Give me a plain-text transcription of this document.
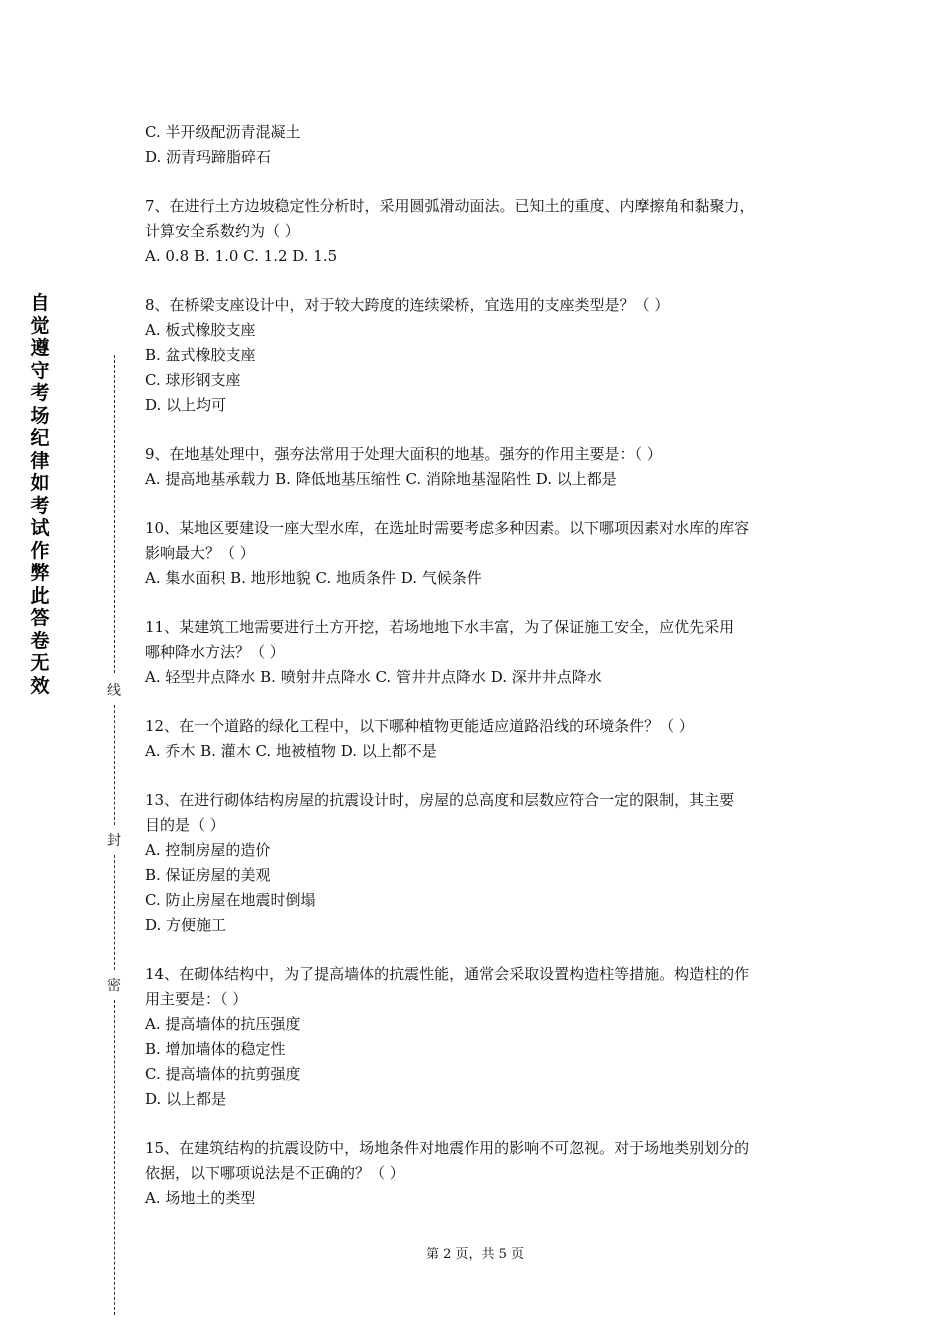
自觉遵守考场纪律如考试作弊此答卷无效	线
封
密
C. 半开级配沥青混凝土
D. 沥青玛蹄脂碎石
7、在进行土方边坡稳定性分析时，采用圆弧滑动面法。已知土的重度、内摩擦角和黏聚力，
计算安全系数约为（ ）
A. 0.8 B. 1.0 C. 1.2 D. 1.5
8、在桥梁支座设计中，对于较大跨度的连续梁桥，宜选用的支座类型是？（ ）
A. 板式橡胶支座
B. 盆式橡胶支座
C. 球形钢支座
D. 以上均可
9、在地基处理中，强夯法常用于处理大面积的地基。强夯的作用主要是：（ ）
A. 提高地基承载力 B. 降低地基压缩性 C. 消除地基湿陷性 D. 以上都是
10、某地区要建设一座大型水库，在选址时需要考虑多种因素。以下哪项因素对水库的库容
影响最大？（ ）
A. 集水面积 B. 地形地貌 C. 地质条件 D. 气候条件
11、某建筑工地需要进行土方开挖，若场地地下水丰富，为了保证施工安全，应优先采用
哪种降水方法？（ ）
A. 轻型井点降水 B. 喷射井点降水 C. 管井井点降水 D. 深井井点降水
12、在一个道路的绿化工程中，以下哪种植物更能适应道路沿线的环境条件？（ ）
A. 乔木 B. 灌木 C. 地被植物 D. 以上都不是
13、在进行砌体结构房屋的抗震设计时，房屋的总高度和层数应符合一定的限制，其主要
目的是（ ）
A. 控制房屋的造价
B. 保证房屋的美观
C. 防止房屋在地震时倒塌
D. 方便施工
14、在砌体结构中，为了提高墙体的抗震性能，通常会采取设置构造柱等措施。构造柱的作
用主要是：（ ）
A. 提高墙体的抗压强度
B. 增加墙体的稳定性
C. 提高墙体的抗剪强度
D. 以上都是
15、在建筑结构的抗震设防中，场地条件对地震作用的影响不可忽视。对于场地类别划分的
依据，以下哪项说法是不正确的？（ ）
A. 场地土的类型
第 2 页，共 5 页
